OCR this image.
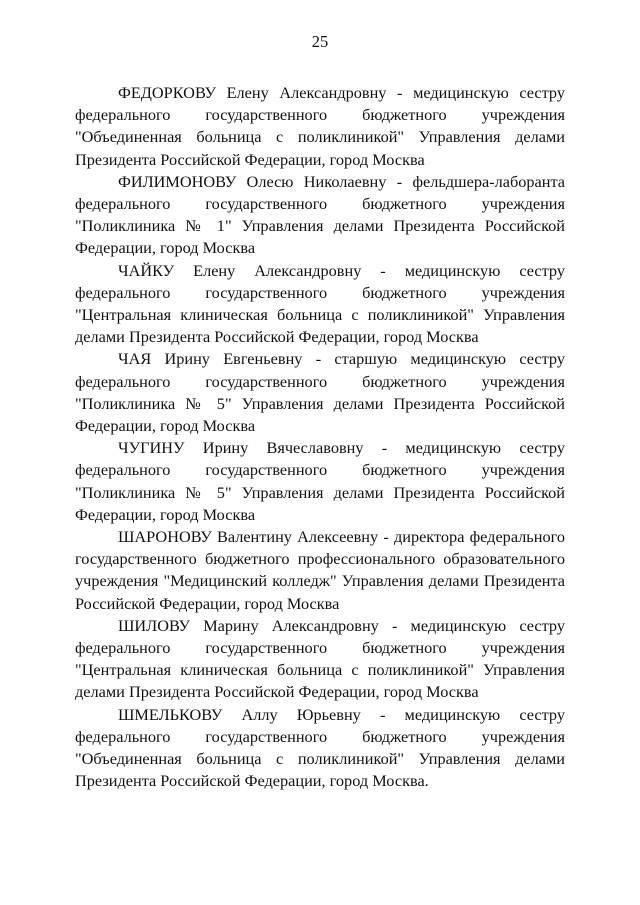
25

ФЕДОРКОВУ Елену Александровну - медицинскую сестру федерального государственного бюджетного учреждения "Объединенная больница с поликлиникой" Управления делами Президента Российской Федерации, город Москва

ФИЛИМОНОВУ Олесю Николаевну - фельдшера-лаборанта федерального государственного бюджетного учреждения "Поликлиника № 1" Управления делами Президента Российской Федерации, город Москва

ЧАЙКУ Елену Александровну - медицинскую сестру федерального государственного бюджетного учреждения "Центральная клиническая больница с поликлиникой" Управления делами Президента Российской Федерации, город Москва

ЧАЯ Ирину Евгеньевну - старшую медицинскую сестру федерального государственного бюджетного учреждения "Поликлиника № 5" Управления делами Президента Российской Федерации, город Москва

ЧУГИНУ Ирину Вячеславовну - медицинскую сестру федерального государственного бюджетного учреждения "Поликлиника № 5" Управления делами Президента Российской Федерации, город Москва

ШАРОНОВУ Валентину Алексеевну - директора федерального государственного бюджетного профессионального образовательного учреждения "Медицинский колледж" Управления делами Президента Российской Федерации, город Москва

ШИЛОВУ Марину Александровну - медицинскую сестру федерального государственного бюджетного учреждения "Центральная клиническая больница с поликлиникой" Управления делами Президента Российской Федерации, город Москва

ШМЕЛЬКОВУ Аллу Юрьевну - медицинскую сестру федерального государственного бюджетного учреждения "Объединенная больница с поликлиникой" Управления делами Президента Российской Федерации, город Москва.
